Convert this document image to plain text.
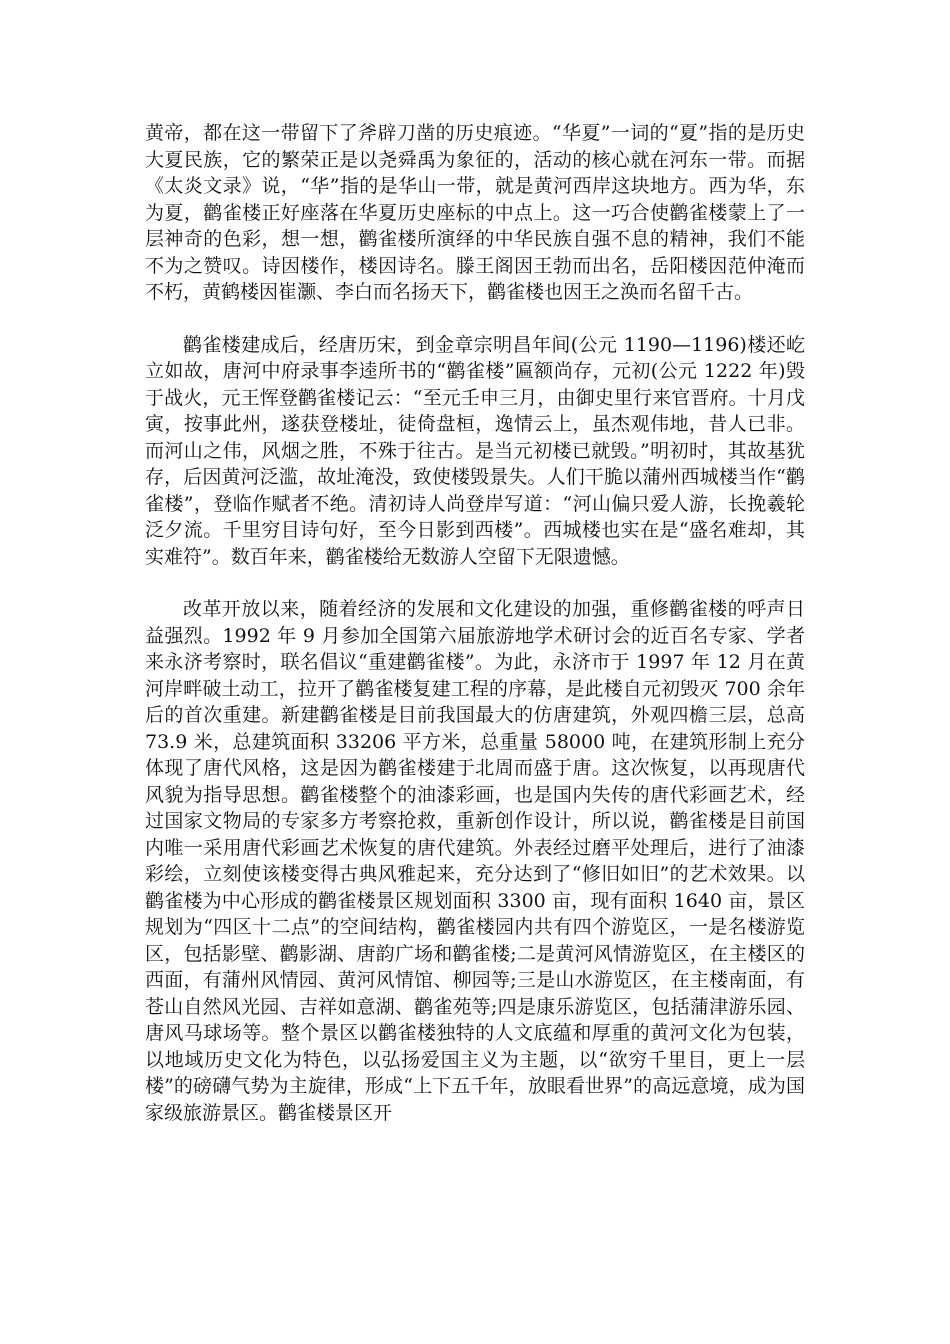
黄帝，都在这一带留下了斧辟刀凿的历史痕迹。“华夏”一词的“夏”指的是历史大夏民族，它的繁荣正是以尧舜禹为象征的，活动的核心就在河东一带。而据《太炎文录》说，“华”指的是华山一带，就是黄河西岸这块地方。西为华，东为夏，鹳雀楼正好座落在华夏历史座标的中点上。这一巧合使鹳雀楼蒙上了一层神奇的色彩，想一想，鹳雀楼所演绎的中华民族自强不息的精神，我们不能不为之赞叹。诗因楼作，楼因诗名。滕王阁因王勃而出名，岳阳楼因范仲淹而不朽，黄鹤楼因崔灏、李白而名扬天下，鹳雀楼也因王之涣而名留千古。

鹳雀楼建成后，经唐历宋，到金章宗明昌年间(公元 1190—1196)楼还屹立如故，唐河中府录事李逵所书的“鹳雀楼”匾额尚存，元初(公元 1222 年)毁于战火，元王恽登鹳雀楼记云：“至元壬申三月，由御史里行来官晋府。十月戊寅，按事此州，遂获登楼址，徒倚盘桓，逸情云上，虽杰观伟地，昔人已非。而河山之伟，风烟之胜，不殊于往古。是当元初楼已就毁。”明初时，其故基犹存，后因黄河泛滥，故址淹没，致使楼毁景失。人们干脆以蒲州西城楼当作“鹳雀楼”，登临作赋者不绝。清初诗人尚登岸写道：“河山偏只爱人游，长挽羲轮泛夕流。千里穷目诗句好，至今日影到西楼”。西城楼也实在是“盛名难却，其实难符”。数百年来，鹳雀楼给无数游人空留下无限遗憾。

改革开放以来，随着经济的发展和文化建设的加强，重修鹳雀楼的呼声日益强烈。1992 年 9 月参加全国第六届旅游地学术研讨会的近百名专家、学者来永济考察时，联名倡议“重建鹳雀楼”。为此，永济市于 1997 年 12 月在黄河岸畔破土动工，拉开了鹳雀楼复建工程的序幕，是此楼自元初毁灭 700 余年后的首次重建。新建鹳雀楼是目前我国最大的仿唐建筑，外观四檐三层，总高 73.9 米，总建筑面积 33206 平方米，总重量 58000 吨，在建筑形制上充分体现了唐代风格，这是因为鹳雀楼建于北周而盛于唐。这次恢复，以再现唐代风貌为指导思想。鹳雀楼整个的油漆彩画，也是国内失传的唐代彩画艺术，经过国家文物局的专家多方考察抢救，重新创作设计，所以说，鹳雀楼是目前国内唯一采用唐代彩画艺术恢复的唐代建筑。外表经过磨平处理后，进行了油漆彩绘，立刻使该楼变得古典风雅起来，充分达到了“修旧如旧”的艺术效果。以鹳雀楼为中心形成的鹳雀楼景区规划面积 3300 亩，现有面积 1640 亩，景区规划为“四区十二点”的空间结构，鹳雀楼园内共有四个游览区，一是名楼游览区，包括影壁、鹳影湖、唐韵广场和鹳雀楼;二是黄河风情游览区，在主楼区的西面，有蒲州风情园、黄河风情馆、柳园等;三是山水游览区，在主楼南面，有苍山自然风光园、吉祥如意湖、鹳雀苑等;四是康乐游览区，包括蒲津游乐园、唐风马球场等。整个景区以鹳雀楼独特的人文底蕴和厚重的黄河文化为包装，以地域历史文化为特色，以弘扬爱国主义为主题，以“欲穷千里目，更上一层楼”的磅礴气势为主旋律，形成“上下五千年，放眼看世界”的高远意境，成为国家级旅游景区。鹳雀楼景区开
